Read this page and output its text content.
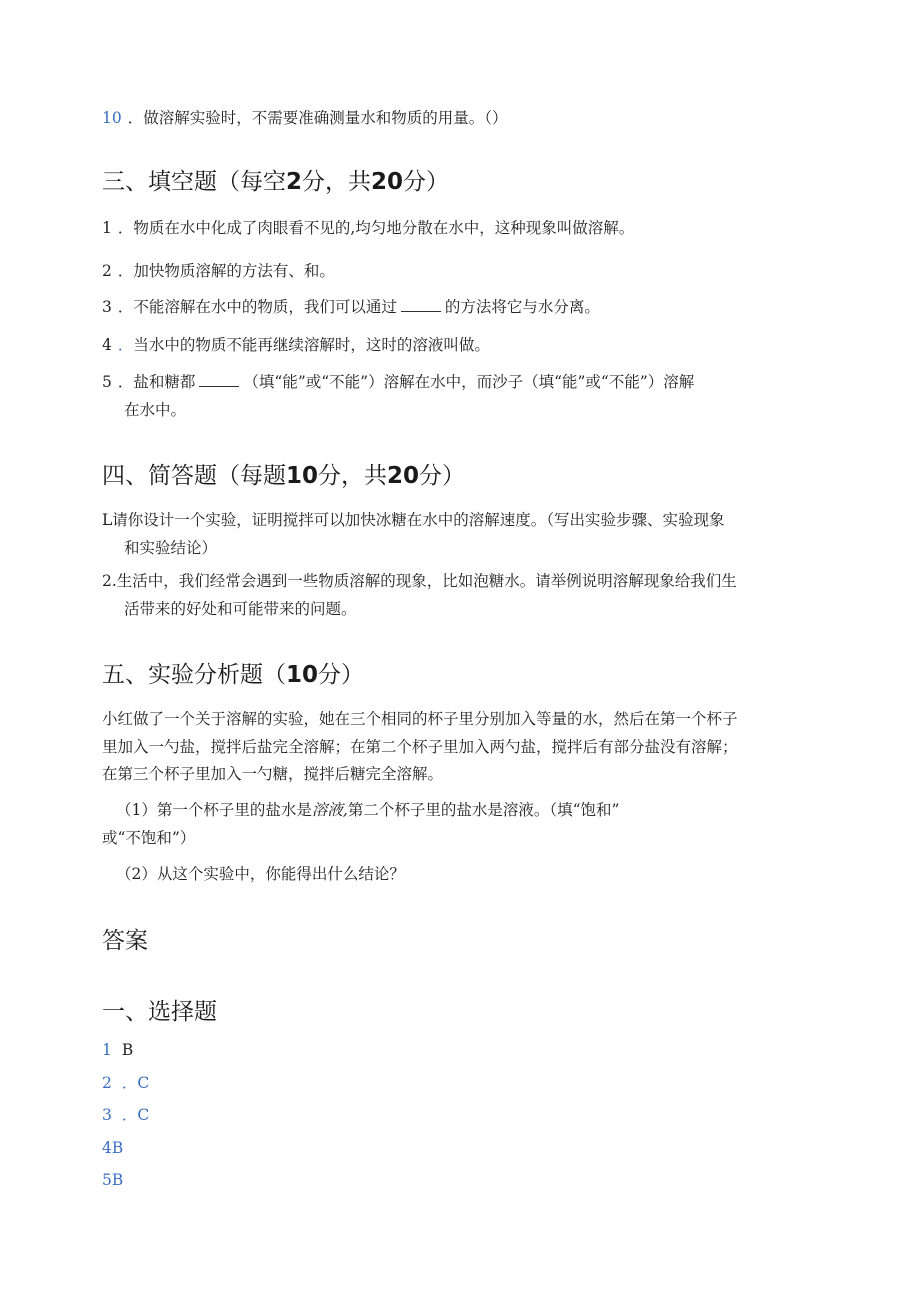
10 ．做溶解实验时，不需要准确测量水和物质的用量。（）
三、填空题（每空2分，共20分）
1 ．物质在水中化成了肉眼看不见的,均匀地分散在水中，这种现象叫做溶解。
2 ．加快物质溶解的方法有、和。
3 ．不能溶解在水中的物质，我们可以通过	的方法将它与水分离。
4 ．当水中的物质不能再继续溶解时，这时的溶液叫做。
5 ．盐和糖都	（填“能”或“不能”）溶解在水中，而沙子（填“能”或“不能”）溶解
在水中。
四、简答题（每题10分，共20分）
L请你设计一个实验，证明搅拌可以加快冰糖在水中的溶解速度。（写出实验步骤、实验现象
和实验结论）
2.生活中，我们经常会遇到一些物质溶解的现象，比如泡糖水。请举例说明溶解现象给我们生
活带来的好处和可能带来的问题。
五、实验分析题（10分）
小红做了一个关于溶解的实验，她在三个相同的杯子里分别加入等量的水，然后在第一个杯子
里加入一勺盐，搅拌后盐完全溶解；在第二个杯子里加入两勺盐，搅拌后有部分盐没有溶解；
在第三个杯子里加入一勺糖，搅拌后糖完全溶解。
（1）第一个杯子里的盐水是溶液,第二个杯子里的盐水是溶液。（填“饱和”
或“不饱和”）
（2）从这个实验中，你能得出什么结论？
答案
一、选择题
1 B
2 ．C
3 ．C
4B
5B
